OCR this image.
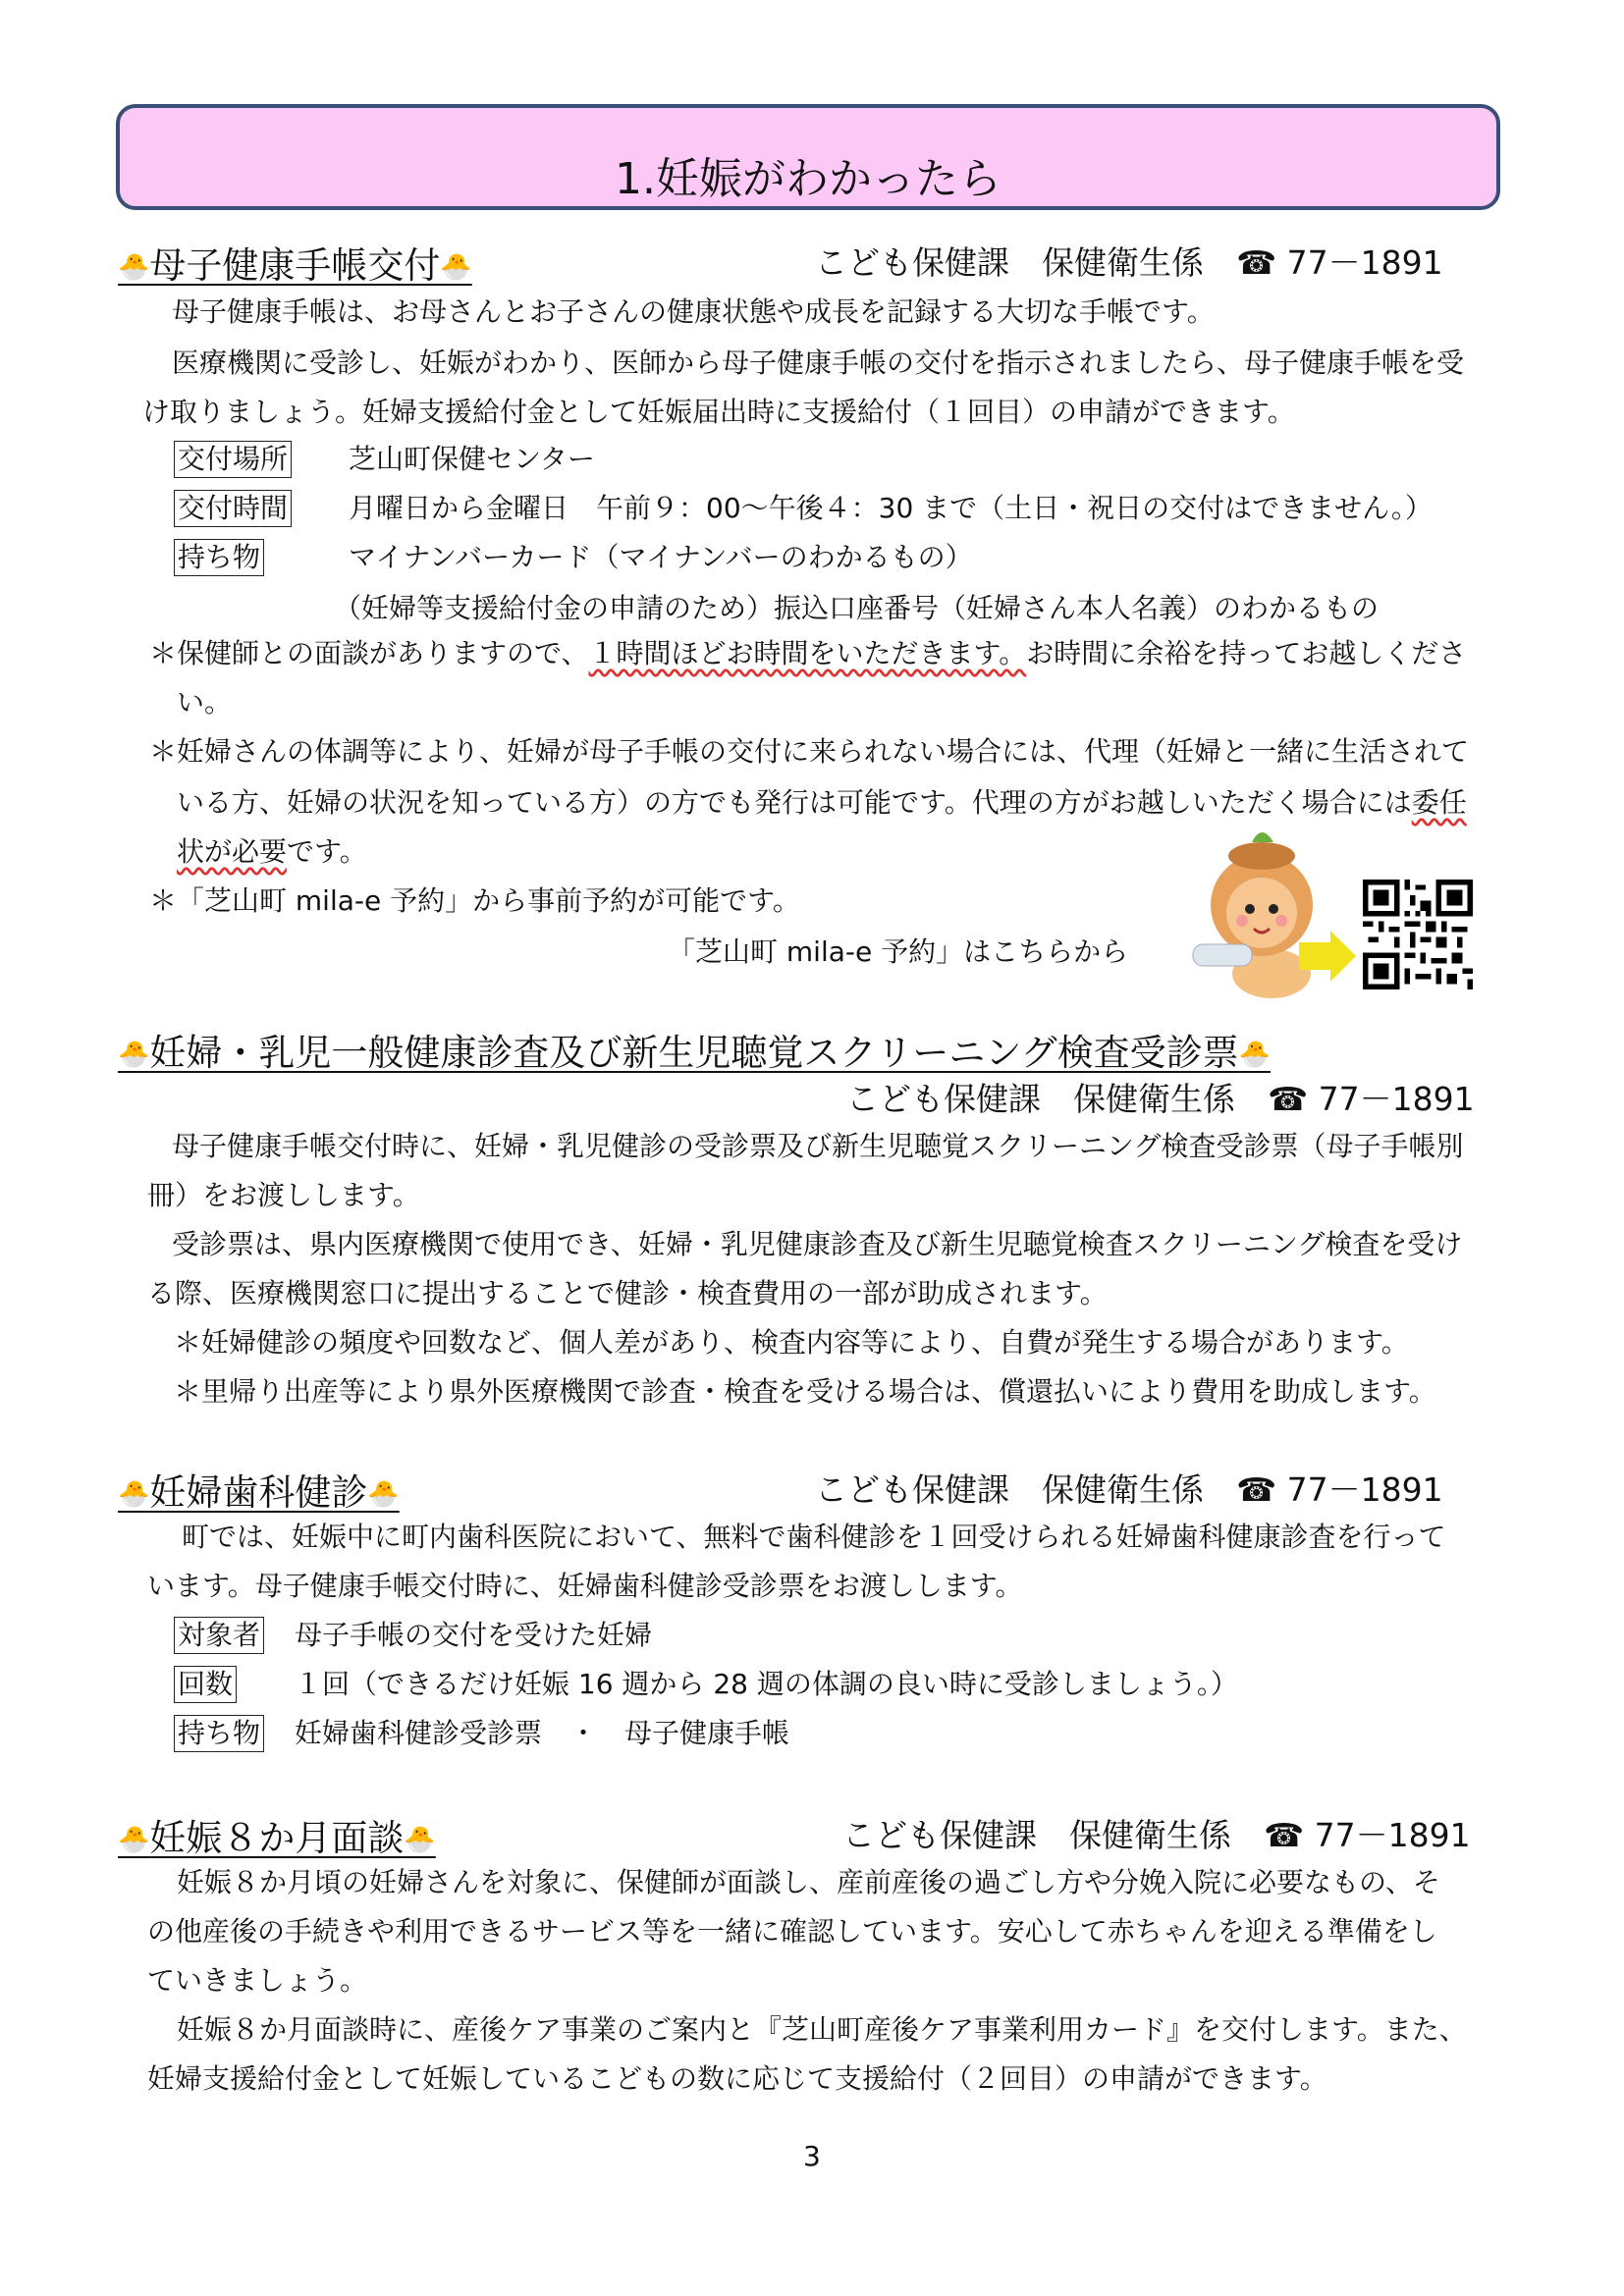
1.妊娠がわかったら
🐣母子健康手帳交付🐣	こども保健課　保健衛生係　☎ 77－1891
母子健康手帳は、お母さんとお子さんの健康状態や成長を記録する大切な手帳です。
医療機関に受診し、妊娠がわかり、医師から母子健康手帳の交付を指示されましたら、母子健康手帳を受
け取りましょう。妊婦支援給付金として妊娠届出時に支援給付（１回目）の申請ができます。
交付場所 芝山町保健センター
交付時間 月曜日から金曜日　午前９：00～午後４：30 まで（土日・祝日の交付はできません。）
持ち物	マイナンバーカード（マイナンバーのわかるもの）
（妊婦等支援給付金の申請のため）振込口座番号（妊婦さん本人名義）のわかるもの
＊保健師との面談がありますので、１時間ほどお時間をいただきます。お時間に余裕を持ってお越しくださ
い。
＊妊婦さんの体調等により、妊婦が母子手帳の交付に来られない場合には、代理（妊婦と一緒に生活されて
いる方、妊婦の状況を知っている方）の方でも発行は可能です。代理の方がお越しいただく場合には委任
状が必要です。
＊「芝山町 mila-e 予約」から事前予約が可能です。
「芝山町 mila-e 予約」はこちらから
🐣妊婦・乳児一般健康診査及び新生児聴覚スクリーニング検査受診票🐣
こども保健課　保健衛生係　☎ 77－1891
母子健康手帳交付時に、妊婦・乳児健診の受診票及び新生児聴覚スクリーニング検査受診票（母子手帳別
冊）をお渡しします。
受診票は、県内医療機関で使用でき、妊婦・乳児健康診査及び新生児聴覚検査スクリーニング検査を受け
る際、医療機関窓口に提出することで健診・検査費用の一部が助成されます。
＊妊婦健診の頻度や回数など、個人差があり、検査内容等により、自費が発生する場合があります。
＊里帰り出産等により県外医療機関で診査・検査を受ける場合は、償還払いにより費用を助成します。
🐣妊婦歯科健診🐣	こども保健課　保健衛生係　☎ 77－1891
町では、妊娠中に町内歯科医院において、無料で歯科健診を１回受けられる妊婦歯科健康診査を行って
います。母子健康手帳交付時に、妊婦歯科健診受診票をお渡しします。
対象者 母子手帳の交付を受けた妊婦
回数 １回（できるだけ妊娠 16 週から 28 週の体調の良い時に受診しましょう。）
持ち物 妊婦歯科健診受診票　・　母子健康手帳
🐣妊娠８か月面談🐣	こども保健課　保健衛生係　☎ 77－1891
妊娠８か月頃の妊婦さんを対象に、保健師が面談し、産前産後の過ごし方や分娩入院に必要なもの、そ
の他産後の手続きや利用できるサービス等を一緒に確認しています。安心して赤ちゃんを迎える準備をし
ていきましょう。
妊娠８か月面談時に、産後ケア事業のご案内と『芝山町産後ケア事業利用カード』を交付します。また、
妊婦支援給付金として妊娠しているこどもの数に応じて支援給付（２回目）の申請ができます。
3
